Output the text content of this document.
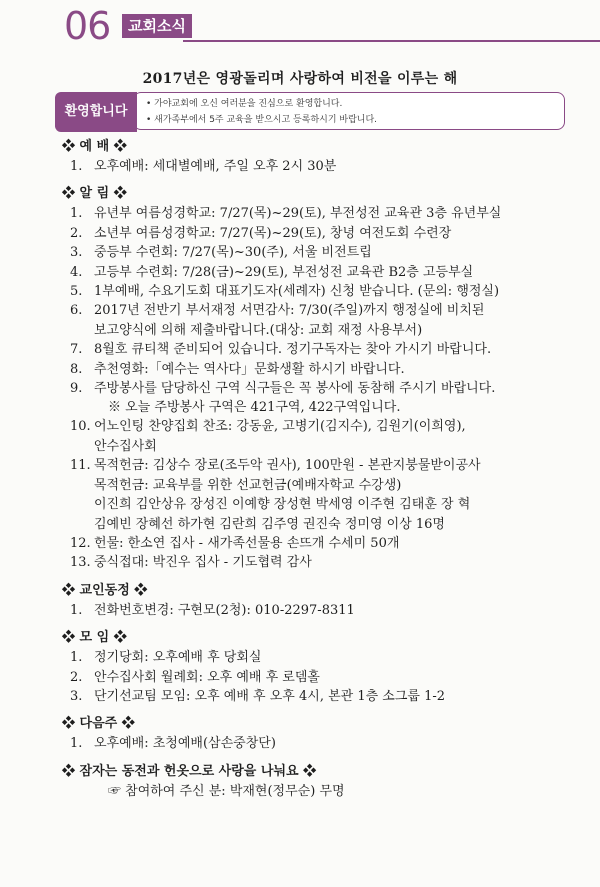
06	교회소식
2017년은 영광돌리며 사랑하여 비전을 이루는 해
• 가야교회에 오신 여러분을 진심으로 환영합니다.
• 새가족부에서 5주 교육을 받으시고 등록하시기 바랍니다.
환영합니다
❖ 예 배 ❖
1. 오후예배: 세대별예배, 주일 오후 2시 30분
❖ 알 림 ❖
1. 유년부 여름성경학교: 7/27(목)~29(토), 부전성전 교육관 3층 유년부실
2. 소년부 여름성경학교: 7/27(목)~29(토), 창녕 여전도회 수련장
3. 중등부 수련회: 7/27(목)~30(주), 서울 비전트립
4. 고등부 수련회: 7/28(금)~29(토), 부전성전 교육관 B2층 고등부실
5. 1부예배, 수요기도회 대표기도자(세례자) 신청 받습니다. (문의: 행정실)
6. 2017년 전반기 부서재정 서면감사: 7/30(주일)까지 행정실에 비치된
보고양식에 의해 제출바랍니다.(대상: 교회 재정 사용부서)
7. 8월호 큐티책 준비되어 있습니다. 정기구독자는 찾아 가시기 바랍니다.
8. 추천영화:「예수는 역사다」문화생활 하시기 바랍니다.
9. 주방봉사를 담당하신 구역 식구들은 꼭 봉사에 동참해 주시기 바랍니다.
※ 오늘 주방봉사 구역은 421구역, 422구역입니다.
10. 어노인팅 찬양집회 찬조: 강동윤, 고병기(김지수), 김원기(이희영),
안수집사회
11. 목적헌금: 김상수 장로(조두악 권사), 100만원 - 본관지붕물받이공사
목적헌금: 교육부를 위한 선교헌금(예배자학교 수강생)
이진희 김안상유 장성진 이예향 장성현 박세영 이주현 김태훈 장 혁
김예빈 장혜선 하가현 김란희 김주영 권진숙 정미영 이상 16명
12. 헌물: 한소연 집사 - 새가족선물용 손뜨개 수세미 50개
13. 중식접대: 박진우 집사 - 기도협력 감사
❖ 교인동정 ❖
1. 전화번호변경: 구현모(2청): 010-2297-8311
❖ 모 임 ❖
1. 정기당회: 오후예배 후 당회실
2. 안수집사회 월례회: 오후 예배 후 로뎀홀
3. 단기선교팀 모임: 오후 예배 후 오후 4시, 본관 1층 소그룹 1-2
❖ 다음주 ❖
1. 오후예배: 초청예배(삼손중창단)
❖ 잠자는 동전과 헌옷으로 사랑을 나눠요 ❖
☞ 참여하여 주신 분: 박재현(정무순) 무명
